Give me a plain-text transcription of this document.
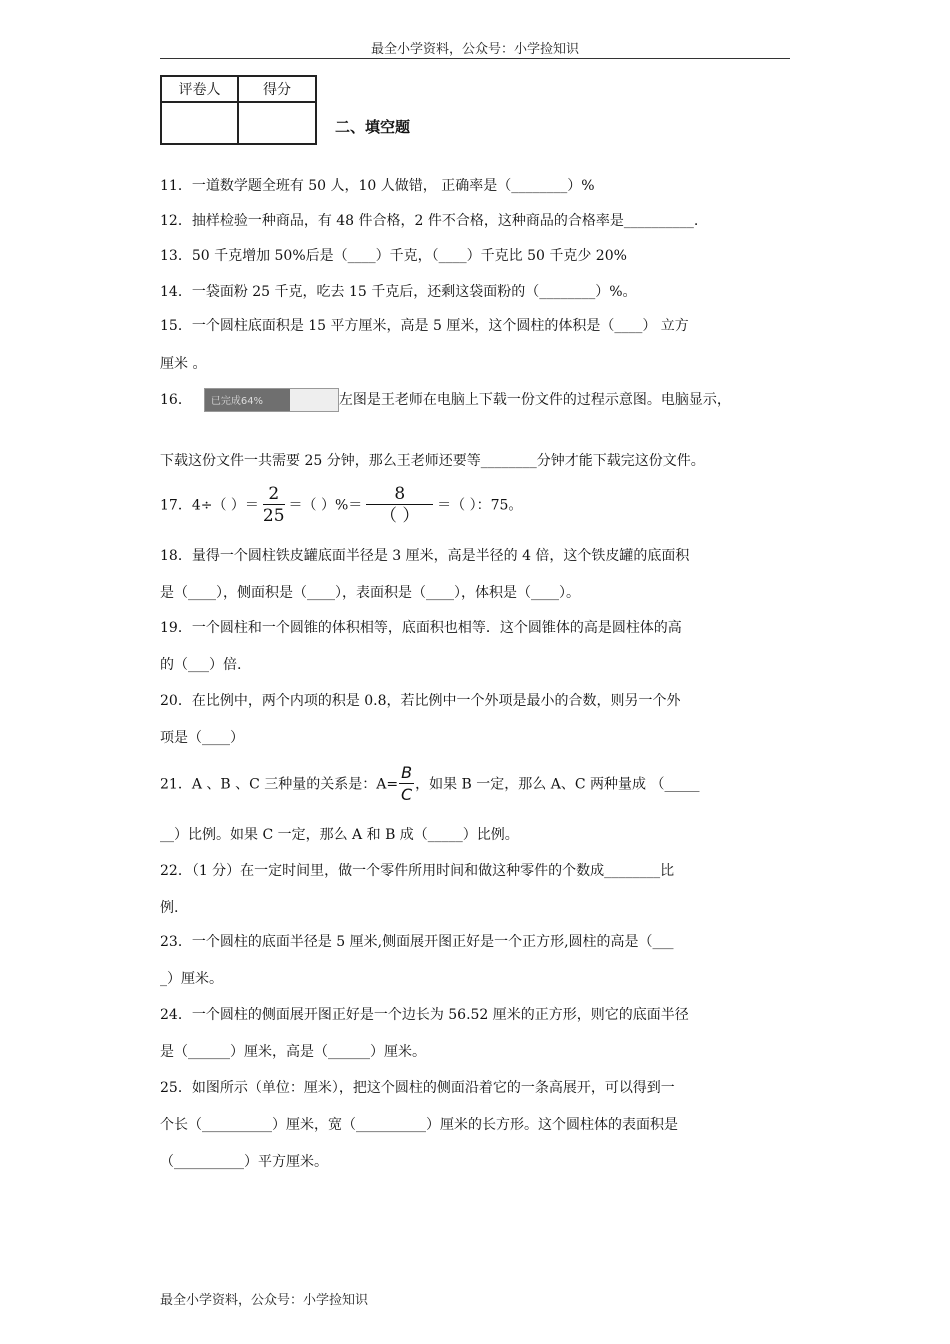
最全小学资料，公众号：小学捡知识
评卷人	得分

二、填空题
11．一道数学题全班有 50 人，10 人做错， 正确率是（________）%
12．抽样检验一种商品，有 48 件合格，2 件不合格，这种商品的合格率是__________.
13．50 千克增加 50%后是（____）千克，（____）千克比 50 千克少 20%
14．一袋面粉 25 千克，吃去 15 千克后，还剩这袋面粉的（________）%。
15．一个圆柱底面积是 15 平方厘米，高是 5 厘米，这个圆柱的体积是（____） 立方
厘米 。
16． 已完成64%	左图是王老师在电脑上下载一份文件的过程示意图。电脑显示，
下载这份文件一共需要 25 分钟，那么王老师还要等________分钟才能下载完这份文件。
17．4÷（ ）＝ $\frac{2}{25}$ ＝（ ）%＝ $\frac{8}{( )}$ ＝（ ）：75。
18．量得一个圆柱铁皮罐底面半径是 3 厘米，高是半径的 4 倍，这个铁皮罐的底面积
是（____），侧面积是（____），表面积是（____），体积是（____）。
19．一个圆柱和一个圆锥的体积相等，底面积也相等．这个圆锥体的高是圆柱体的高
的（___）倍.
20．在比例中，两个内项的积是 0.8，若比例中一个外项是最小的合数，则另一个外
项是（____）
21．A 、B 、C 三种量的关系是：$A= \frac{B}{C}$ ，如果 B 一定，那么 A、C 两种量成 （_____
__）比例。如果 C 一定，那么 A 和 B 成（_____）比例。
22．（1 分）在一定时间里，做一个零件所用时间和做这种零件的个数成________比
例.
23．一个圆柱的底面半径是 5 厘米,侧面展开图正好是一个正方形,圆柱的高是（___
_）厘米。
24．一个圆柱的侧面展开图正好是一个边长为 56.52 厘米的正方形，则它的底面半径
是（______）厘米，高是（______）厘米。
25．如图所示（单位：厘米），把这个圆柱的侧面沿着它的一条高展开，可以得到一
个长（__________）厘米，宽（__________）厘米的长方形。这个圆柱体的表面积是
（__________）平方厘米。
最全小学资料，公众号：小学捡知识
